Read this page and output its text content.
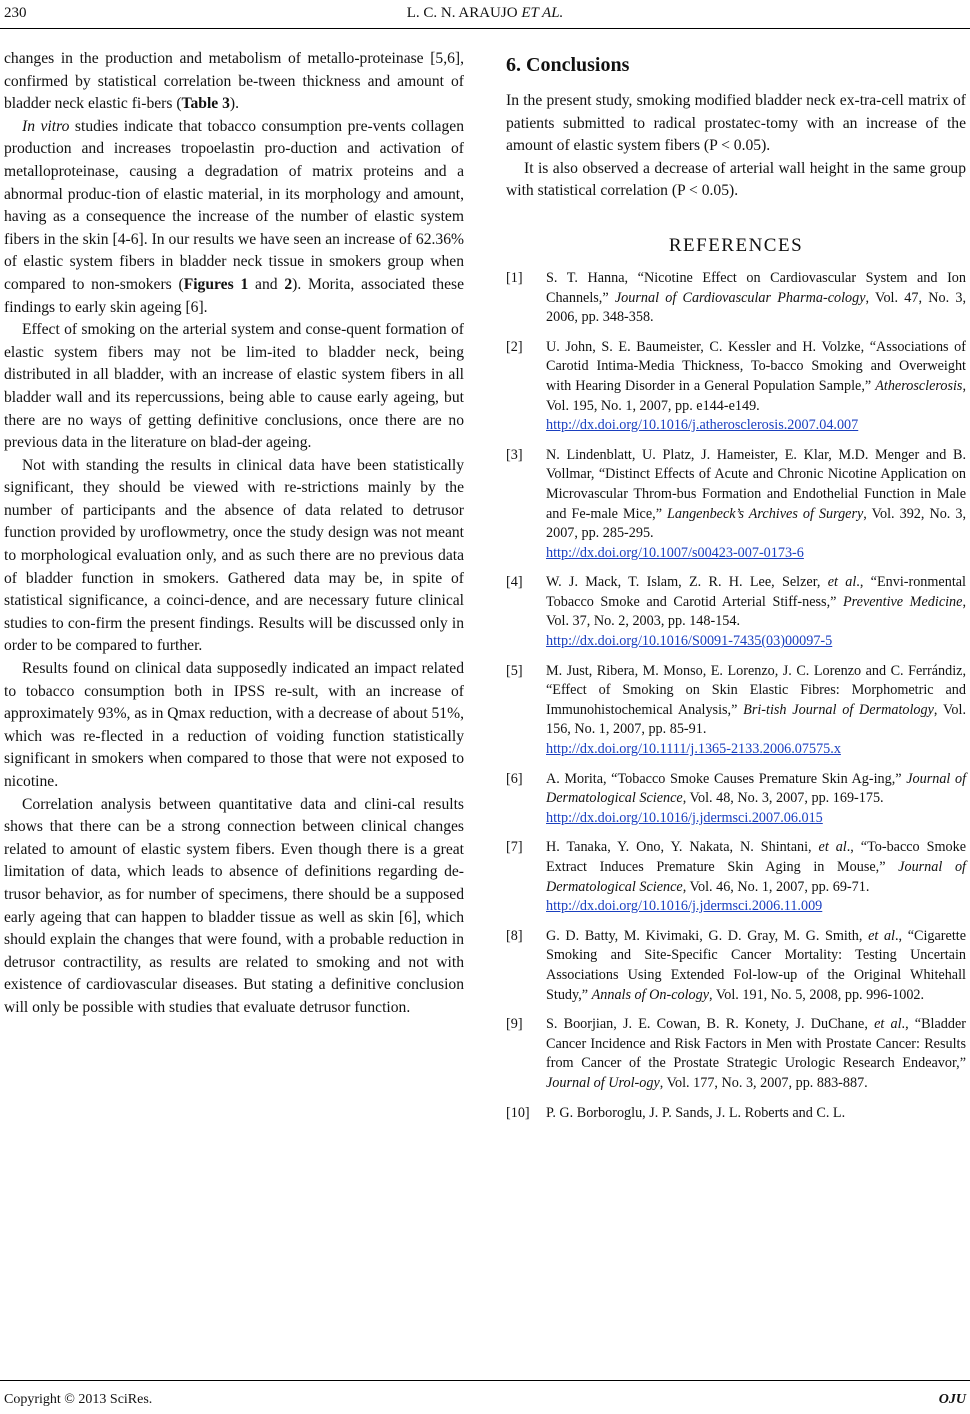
230	L. C. N. ARAUJO ET AL.

changes in the production and metabolism of metallo-proteinase [5,6], confirmed by statistical correlation be-tween thickness and amount of bladder neck elastic fi-bers (Table 3).

In vitro studies indicate that tobacco consumption pre-vents collagen production and increases tropoelastin pro-duction and activation of metalloproteinase, causing a degradation of matrix proteins and a abnormal produc-tion of elastic material, in its morphology and amount, having as a consequence the increase of the number of elastic system fibers in the skin [4-6]. In our results we have seen an increase of 62.36% of elastic system fibers in bladder neck tissue in smokers group when compared to non-smokers (Figures 1 and 2). Morita, associated these findings to early skin ageing [6].

Effect of smoking on the arterial system and conse-quent formation of elastic system fibers may not be lim-ited to bladder neck, being distributed in all bladder, with an increase of elastic system fibers in all bladder wall and its repercussions, being able to cause early ageing, but there are no ways of getting definitive conclusions, once there are no previous data in the literature on blad-der ageing.

Not with standing the results in clinical data have been statistically significant, they should be viewed with re-strictions mainly by the number of participants and the absence of data related to detrusor function provided by uroflowmetry, once the study design was not meant to morphological evaluation only, and as such there are no previous data of bladder function in smokers. Gathered data may be, in spite of statistical significance, a coinci-dence, and are necessary future clinical studies to con-firm the present findings. Results will be discussed only in order to be compared to further.

Results found on clinical data supposedly indicated an impact related to tobacco consumption both in IPSS re-sult, with an increase of approximately 93%, as in Qmax reduction, with a decrease of about 51%, which was re-flected in a reduction of voiding function statistically significant in smokers when compared to those that were not exposed to nicotine.

Correlation analysis between quantitative data and clini-cal results shows that there can be a strong connection between clinical changes related to amount of elastic system fibers. Even though there is a great limitation of data, which leads to absence of definitions regarding de-trusor behavior, as for number of specimens, there should be a supposed early ageing that can happen to bladder tissue as well as skin [6], which should explain the changes that were found, with a probable reduction in detrusor contractility, as results are related to smoking and not with existence of cardiovascular diseases. But stating a definitive conclusion will only be possible with studies that evaluate detrusor function.

6. Conclusions

In the present study, smoking modified bladder neck ex-tra-cell matrix of patients submitted to radical prostatec-tomy with an increase of the amount of elastic system fibers (P < 0.05).

It is also observed a decrease of arterial wall height in the same group with statistical correlation (P < 0.05).

REFERENCES
[1] S. T. Hanna, “Nicotine Effect on Cardiovascular System and Ion Channels,” Journal of Cardiovascular Pharma-cology, Vol. 47, No. 3, 2006, pp. 348-358.
[2] U. John, S. E. Baumeister, C. Kessler and H. Volzke, “Associations of Carotid Intima-Media Thickness, To-bacco Smoking and Overweight with Hearing Disorder in a General Population Sample,” Atherosclerosis, Vol. 195, No. 1, 2007, pp. e144-e149.
http://dx.doi.org/10.1016/j.atherosclerosis.2007.04.007
[3] N. Lindenblatt, U. Platz, J. Hameister, E. Klar, M.D. Menger and B. Vollmar, “Distinct Effects of Acute and Chronic Nicotine Application on Microvascular Throm-bus Formation and Endothelial Function in Male and Fe-male Mice,” Langenbeck’s Archives of Surgery, Vol. 392, No. 3, 2007, pp. 285-295.
http://dx.doi.org/10.1007/s00423-007-0173-6
[4] W. J. Mack, T. Islam, Z. R. H. Lee, Selzer, et al., “Envi-ronmental Tobacco Smoke and Carotid Arterial Stiff-ness,” Preventive Medicine, Vol. 37, No. 2, 2003, pp. 148-154.
http://dx.doi.org/10.1016/S0091-7435(03)00097-5
[5] M. Just, Ribera, M. Monso, E. Lorenzo, J. C. Lorenzo and C. Ferrándiz, “Effect of Smoking on Skin Elastic Fibres: Morphometric and Immunohistochemical Analysis,” Bri-tish Journal of Dermatology, Vol. 156, No. 1, 2007, pp. 85-91.
http://dx.doi.org/10.1111/j.1365-2133.2006.07575.x
[6] A. Morita, “Tobacco Smoke Causes Premature Skin Ag-ing,” Journal of Dermatological Science, Vol. 48, No. 3, 2007, pp. 169-175.
http://dx.doi.org/10.1016/j.jdermsci.2007.06.015
[7] H. Tanaka, Y. Ono, Y. Nakata, N. Shintani, et al., “To-bacco Smoke Extract Induces Premature Skin Aging in Mouse,” Journal of Dermatological Science, Vol. 46, No. 1, 2007, pp. 69-71.
http://dx.doi.org/10.1016/j.jdermsci.2006.11.009
[8] G. D. Batty, M. Kivimaki, G. D. Gray, M. G. Smith, et al., “Cigarette Smoking and Site-Specific Cancer Mortality: Testing Uncertain Associations Using Extended Fol-low-up of the Original Whitehall Study,” Annals of On-cology, Vol. 191, No. 5, 2008, pp. 996-1002.
[9] S. Boorjian, J. E. Cowan, B. R. Konety, J. DuChane, et al., “Bladder Cancer Incidence and Risk Factors in Men with Prostate Cancer: Results from Cancer of the Prostate Strategic Urologic Research Endeavor,” Journal of Urol-ogy, Vol. 177, No. 3, 2007, pp. 883-887.
[10] P. G. Borboroglu, J. P. Sands, J. L. Roberts and C. L.
Copyright © 2013 SciRes.	OJU
